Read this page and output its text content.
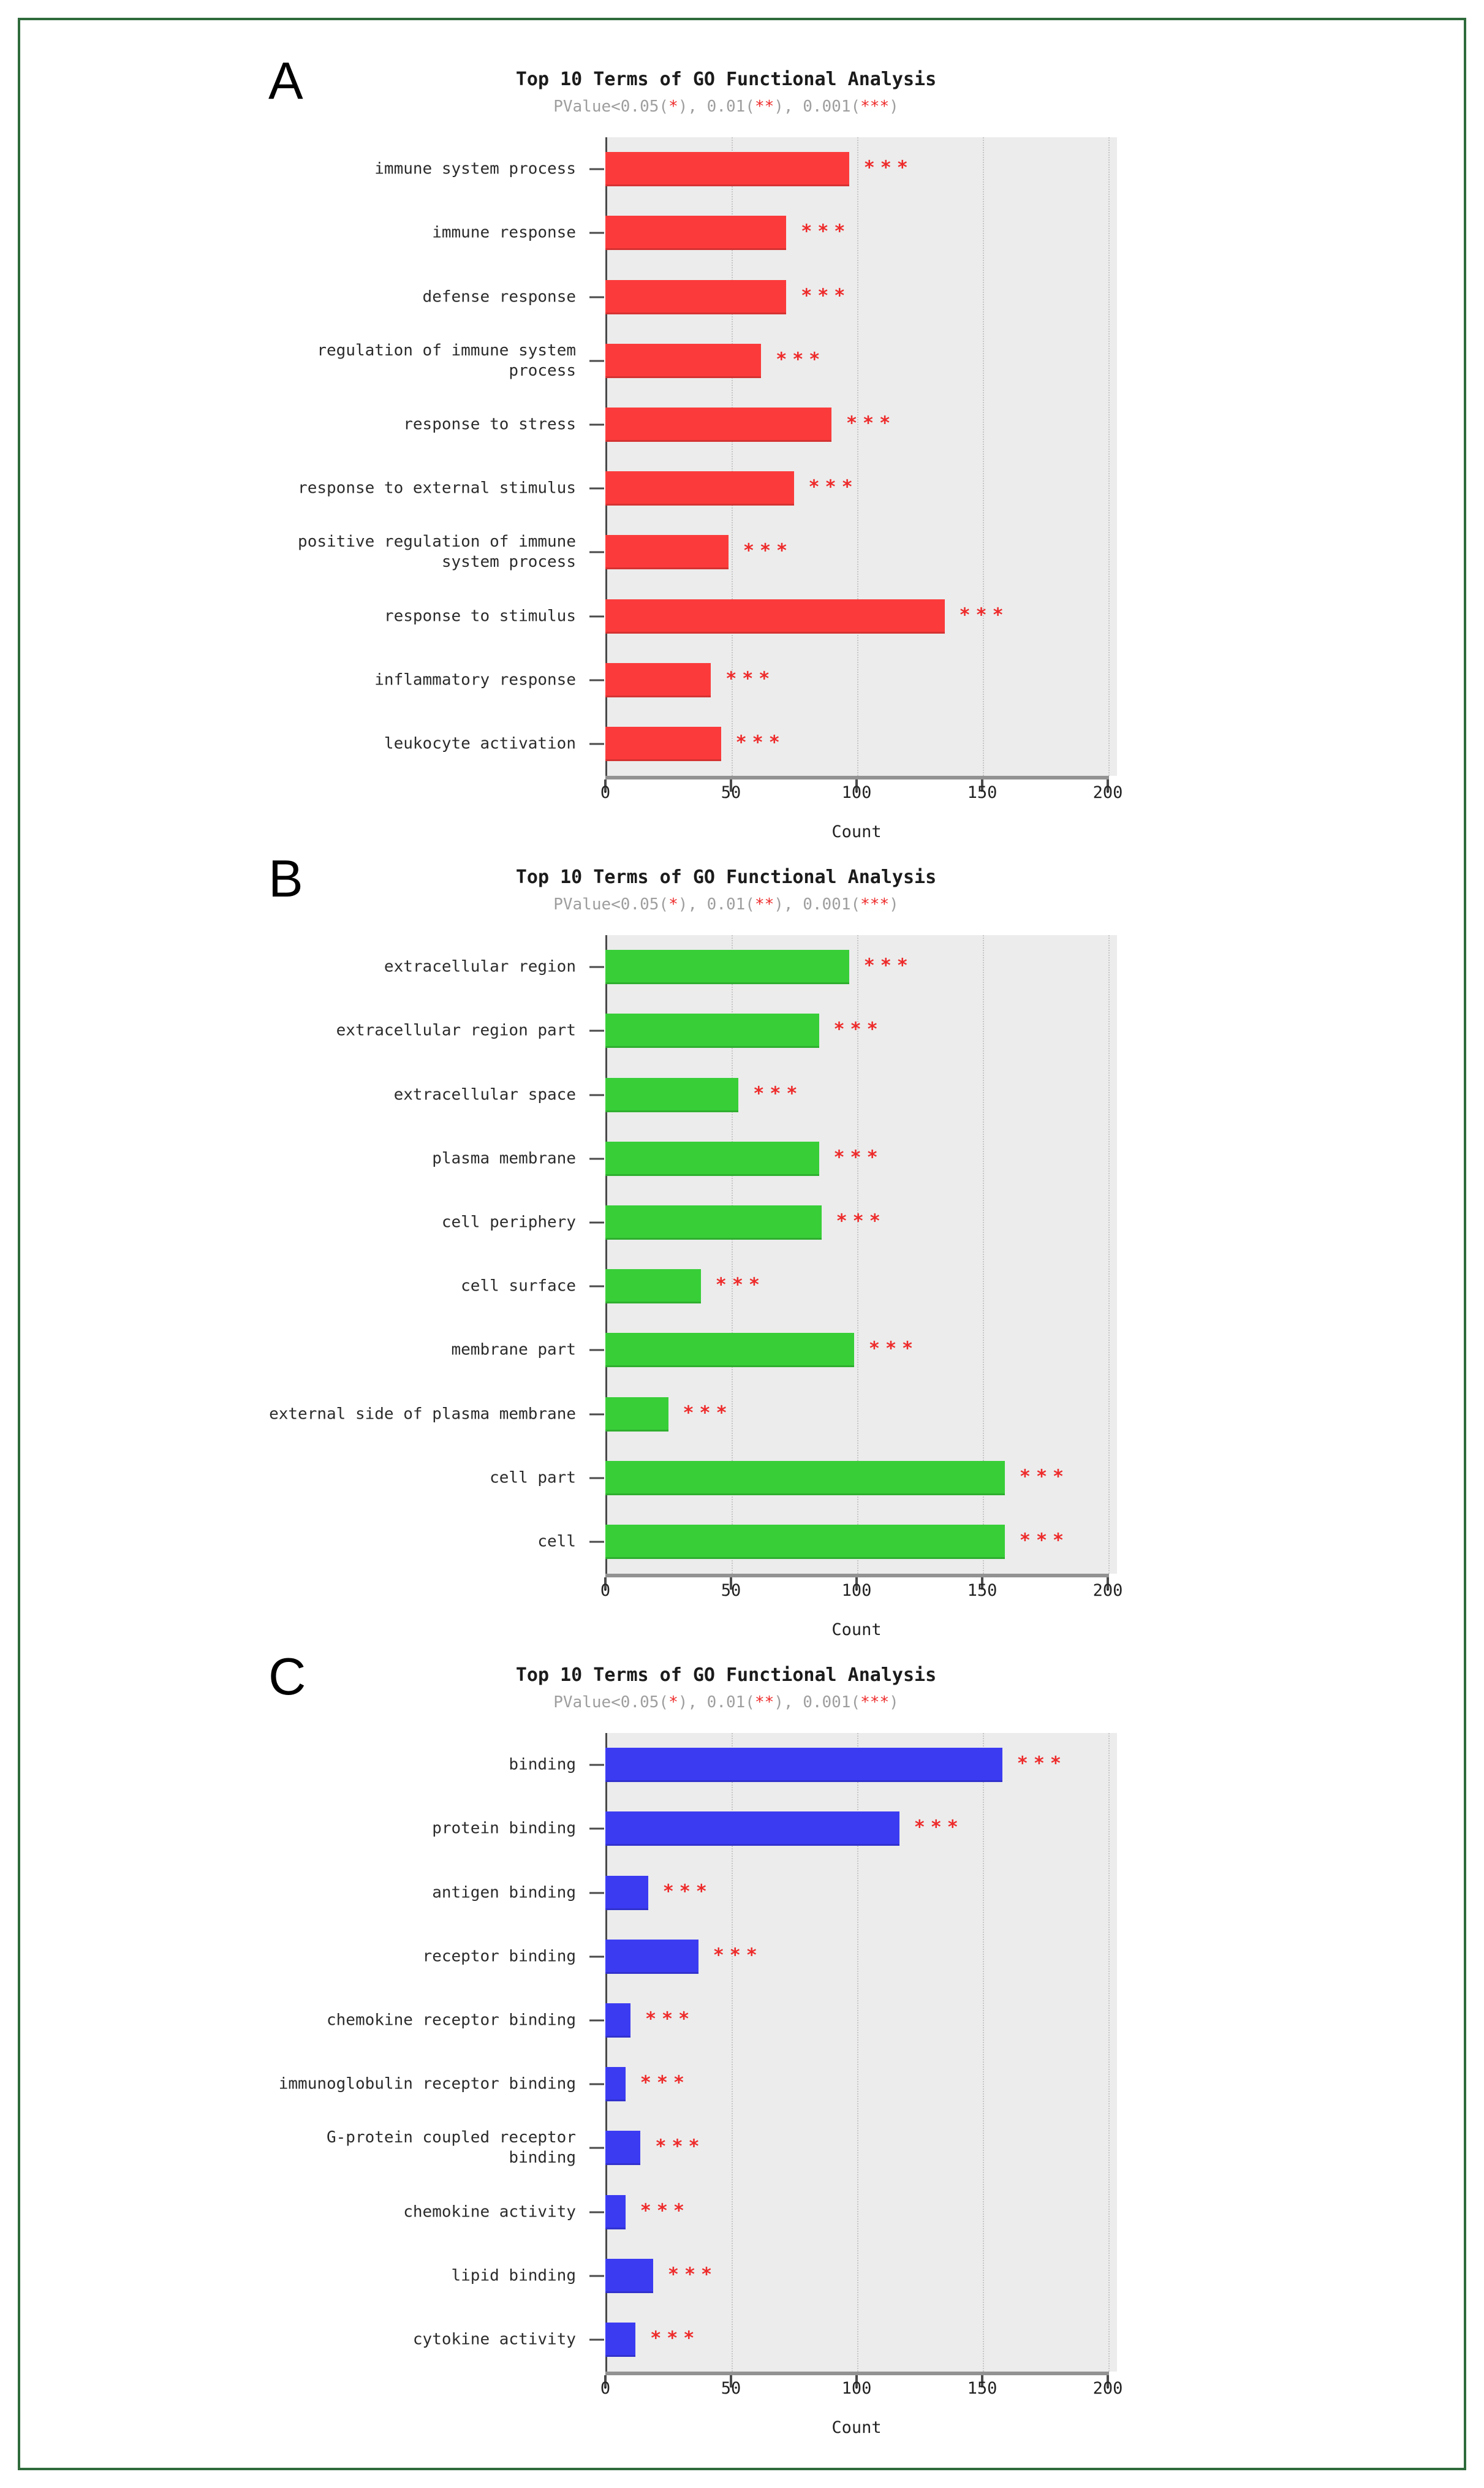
A	Top 10 Terms of GO Functional Analysis
PValue<0.05(*), 0.01(**), 0.001(***)
immune system process	***
immune response	***
defense response	***
regulation of immune system process
***
response to stress	***
response to external stimulus	***
positive regulation of immune system process
***
response to stimulus	***
inflammatory response	***
leukocyte activation	***
Count
0	50	100	150	200
B	Top 10 Terms of GO Functional Analysis
PValue<0.05(*), 0.01(**), 0.001(***)
extracellular region	***
extracellular region part	***
extracellular space	***
plasma membrane	***
cell periphery	***
cell surface	***
membrane part	***
external side of plasma membrane	***
cell part	***
cell	***
Count
0	50	100	150	200
C	Top 10 Terms of GO Functional Analysis
PValue<0.05(*), 0.01(**), 0.001(***)
binding	***
protein binding	***
antigen binding	***
receptor binding	***
chemokine receptor binding	***
immunoglobulin receptor binding	***
G-protein coupled receptor binding
***
chemokine activity	***
lipid binding	***
cytokine activity	***
Count
0	50	100	150	200
